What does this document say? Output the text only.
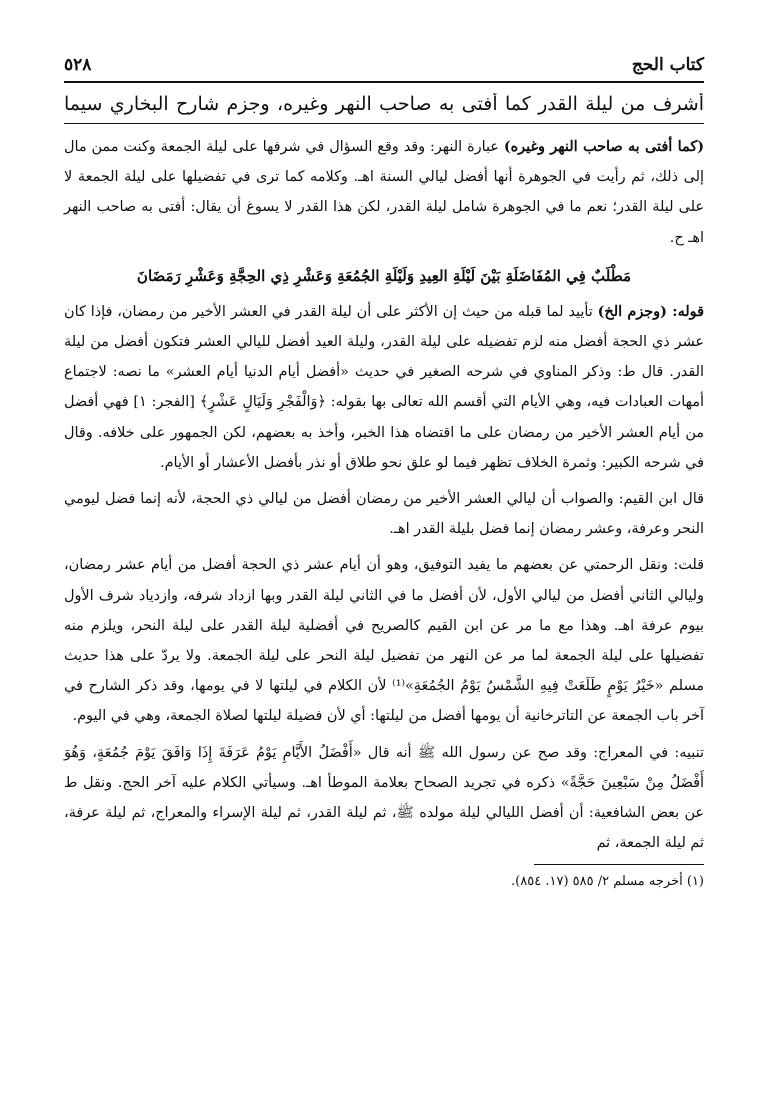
كتاب الحج
٥٢٨
أشرف من ليلة القدر كما أفتى به صاحب النهر وغيره، وجزم شارح البخاري سيما

(كما أفتى به صاحب النهر وغيره) عبارة النهر: وقد وقع السؤال في شرفها على ليلة الجمعة وكنت ممن مال إلى ذلك، ثم رأيت في الجوهرة أنها أفضل ليالي السنة اهـ. وكلامه كما ترى في تفضيلها على ليلة الجمعة لا على ليلة القدر؛ نعم ما في الجوهرة شامل ليلة القدر، لكن هذا القدر لا يسوغ أن يقال: أفتى به صاحب النهر اهـ ح.

مَطْلَبٌ فِي المُفَاضَلَةِ بَيْنَ لَيْلَةِ العِيدِ وَلَيْلَةِ الجُمُعَةِ وَعَشْرِ ذِي الحِجَّةِ وَعَشْرِ رَمَضَانَ

قوله: (وجزم الخ) تأييد لما قبله من حيث إن الأكثر على أن ليلة القدر في العشر الأخير من رمضان، فإذا كان عشر ذي الحجة أفضل منه لزم تفضيله على ليلة القدر، وليلة العيد أفضل لليالي العشر فتكون أفضل من ليلة القدر. قال ط: وذكر المناوي في شرحه الصغير في حديث «أفضل أيام الدنيا أيام العشر» ما نصه: لاجتماع أمهات العبادات فيه، وهي الأيام التي أقسم الله تعالى بها بقوله: ﴿وَالْفَجْرِ وَلَيَالٍ عَشْرٍ﴾ [الفجر: ١] فهي أفضل من أيام العشر الأخير من رمضان على ما اقتضاه هذا الخبر، وأخذ به بعضهم، لكن الجمهور على خلافه. وقال في شرحه الكبير: وثمرة الخلاف تظهر فيما لو علق نحو طلاق أو نذر بأفضل الأعشار أو الأيام.

قال ابن القيم: والصواب أن ليالي العشر الأخير من رمضان أفضل من ليالي ذي الحجة، لأنه إنما فضل ليومي النحر وعرفة، وعشر رمضان إنما فضل بليلة القدر اهـ.

قلت: ونقل الرحمتي عن بعضهم ما يفيد التوفيق، وهو أن أيام عشر ذي الحجة أفضل من أيام عشر رمضان، وليالي الثاني أفضل من ليالي الأول، لأن أفضل ما في الثاني ليلة القدر وبها ازداد شرفه، وازدياد شرف الأول بيوم عرفة اهـ. وهذا مع ما مر عن ابن القيم كالصريح في أفضلية ليلة القدر على ليلة النحر، ويلزم منه تفضيلها على ليلة الجمعة لما مر عن النهر من تفضيل ليلة النحر على ليلة الجمعة. ولا يردّ على هذا حديث مسلم «خَيْرُ يَوْمٍ طَلَعَتْ فِيهِ الشَّمْسُ يَوْمُ الجُمُعَةِ»⁽¹⁾ لأن الكلام في ليلتها لا في يومها، وقد ذكر الشارح في آخر باب الجمعة عن التاترخانية أن يومها أفضل من ليلتها: أي لأن فضيلة ليلتها لصلاة الجمعة، وهي في اليوم.

تنبيه: في المعراج: وقد صح عن رسول الله ﷺ أنه قال «أَفْضَلُ الأَيَّامِ يَوْمُ عَرَفَةَ إِذَا وَافَقَ يَوْمَ جُمُعَةٍ، وَهُوَ أَفْضَلُ مِنْ سَبْعِينَ حَجَّةً» ذكره في تجريد الصحاح بعلامة الموطأ اهـ. وسيأتي الكلام عليه آخر الحج. ونقل ط عن بعض الشافعية: أن أفضل الليالي ليلة مولده ﷺ، ثم ليلة القدر، ثم ليلة الإسراء والمعراج، ثم ليلة عرفة، ثم ليلة الجمعة، ثم

(١) أخرجه مسلم ٢/ ٥٨٥ (١٧. ٨٥٤).
